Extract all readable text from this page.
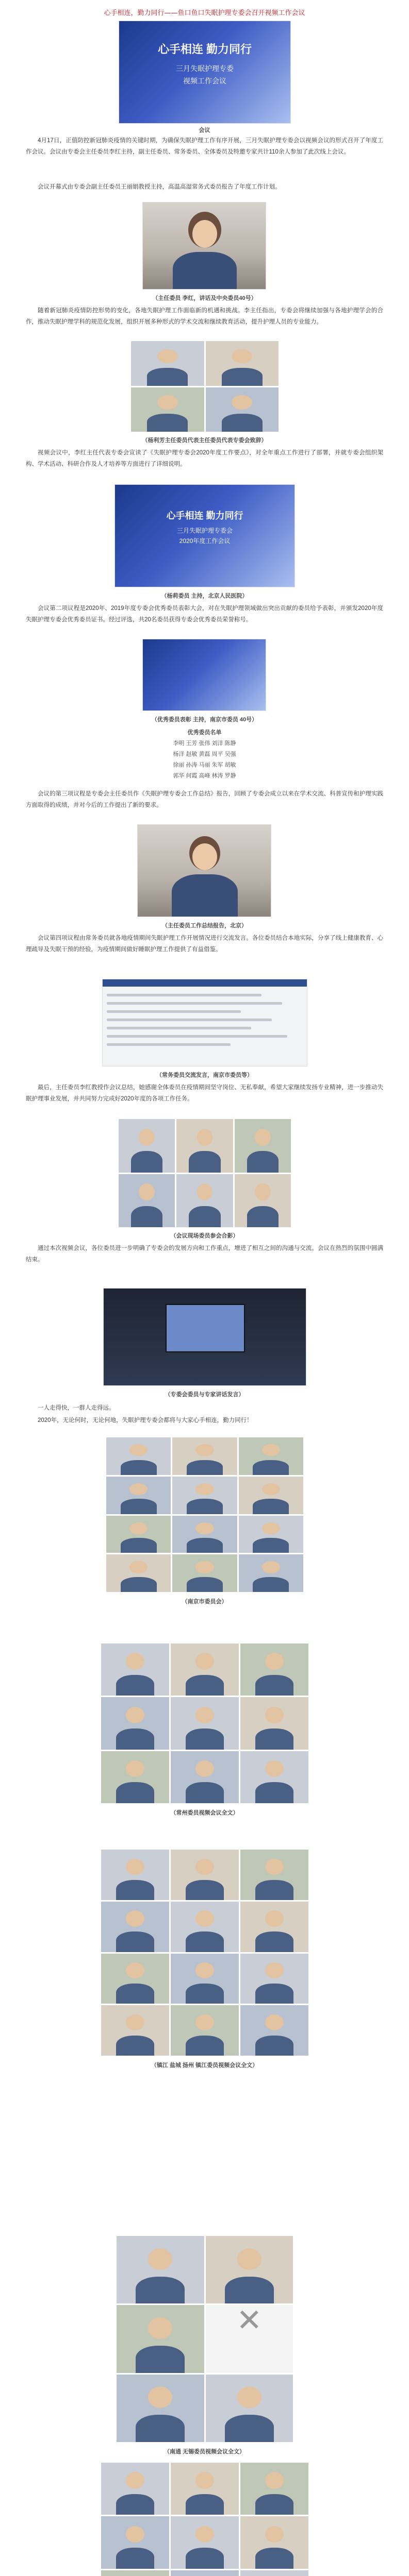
心手相连，勤力同行——鱼口鱼口失眠护理专委会召开视频工作会议
心手相连 勤力同行
三月失眠护理专委
视频工作会议

会议

4月17日，正值防控新冠肺炎疫情的关键时期，为确保失眠护理工作有序开展，三月失眠护理专委会以视频会议的形式召开了年度工作会议。会议由专委会主任委员李红主持，副主任委员、常务委员、全体委员及特邀专家共计110余人参加了此次线上会议。

会议开幕式由专委会副主任委员王丽娟教授主持，高温高湿常务式委员报告了年度工作计划。

（主任委员 李红，讲话及中央委员40号）

随着新冠肺炎疫情防控形势的变化，各地失眠护理工作面临新的机遇和挑战。李主任指出，专委会将继续加强与各地护理学会的合作，推动失眠护理学科的规范化发展，组织开展多种形式的学术交流和继续教育活动，提升护理人员的专业能力。

（杨利芳主任委员代表主任委员代表专委会致辞）

视频会议中，李红主任代表专委会宣读了《失眠护理专委会2020年度工作要点》，对全年重点工作进行了部署，并就专委会组织架构、学术活动、科研合作及人才培养等方面进行了详细说明。

心手相连 勤力同行
三月失眠护理专委会
2020年度工作会议

（杨莉委员 主持，北京人民医院）

会议第二项议程是2020年、2019年度专委会优秀委员表彰大会，对在失眠护理领域做出突出贡献的委员给予表彰，并颁发2020年度失眠护理专委会优秀委员证书。经过评选，共20名委员获得专委会优秀委员荣誉称号。

（优秀委员表彰 主持，南京市委员 40号）

优秀委员名单
李明 王芳 张伟 刘洋 陈静
杨洋 赵敏 黄磊 周平 吴强
徐丽 孙涛 马丽 朱军 胡敏
郭华 何霞 高峰 林涛 罗静

会议的第三项议程是专委会主任委员作《失眠护理专委会工作总结》报告，回顾了专委会成立以来在学术交流、科普宣传和护理实践方面取得的成绩，并对今后的工作提出了新的要求。

（主任委员工作总结报告，北京）

会议第四项议程由常务委员就各地疫情期间失眠护理工作开展情况进行交流发言。各位委员结合本地实际，分享了线上健康教育、心理疏导及失眠干预的经验，为疫情期间做好睡眠护理工作提供了有益借鉴。

（常务委员交流发言，南京市委员等）

最后，主任委员李红教授作会议总结，她感谢全体委员在疫情期间坚守岗位、无私奉献，希望大家继续发扬专业精神，进一步推动失眠护理事业发展，并共同努力完成好2020年度的各项工作任务。

（会议现场委员参会合影）

通过本次视频会议，各位委员进一步明确了专委会的发展方向和工作重点，增进了相互之间的沟通与交流。会议在热烈的氛围中圆满结束。

（专委会委员与专家讲话发言）

一人走得快，一群人走得远。

2020年，无论何时，无论何地，失眠护理专委会都将与大家心手相连，勤力同行！

（南京市委员会）

（常州委员视频会议全文）

（镇江 盐城 扬州 镇江委员视频会议全文）

✕

（南通 无锡委员视频会议全文）
